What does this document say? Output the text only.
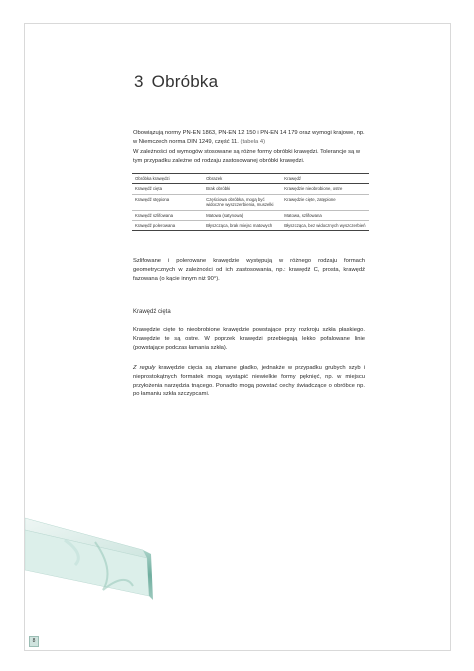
3 Obróbka
Obowiązują normy PN-EN 1863, PN-EN 12 150 i PN-EN 14 179 oraz wymogi krajowe, np. w Niemczech norma DIN 1249, część 11. (tabela 4)
W zależności od wymogów stosowane są różne formy obróbki krawędzi. Tolerancje są w tym przypadku zależne od rodzaju zastosowanej obróbki krawędzi.
Obróbka krawędzi	Obrazek	Krawędź
Krawędź cięta	Brak obróbki	Krawędzie nieobrobione, ostre
Krawędź stępiona	Częściowa obróbka, mogą być widoczne wyszczerbienia, muszelki	Krawędzie cięte, zatępione
Krawędź szlifowana	Matowa (satynowa)	Matowa, szlifowana
Krawędź polerowana	Błyszcząca, brak miejsc matowych	Błyszcząca, bez widocznych wyszczerbień
Szlifowane i polerowane krawędzie występują w różnego rodzaju formach geometrycznych w zależności od ich zastosowania, np.: krawędź C, prosta, krawędź fazowana (o kącie innym niż 90°).
Krawędź cięta
Krawędzie cięte to nieobrobione krawędzie powstające przy rozkroju szkła płaskiego. Krawędzie te są ostre. W poprzek krawędzi przebiegają lekko pofalowane linie (powstające podczas łamania szkła).
Z reguły krawędzie cięcia są złamane gładko, jednakże w przypadku grubych szyb i nieprostokątnych formatek mogą wystąpić niewielkie formy pęknięć, np. w miejscu przyłożenia narzędzia tnącego. Ponadto mogą powstać cechy świadczące o obróbce np. po łamaniu szkła szczypcami.
8
